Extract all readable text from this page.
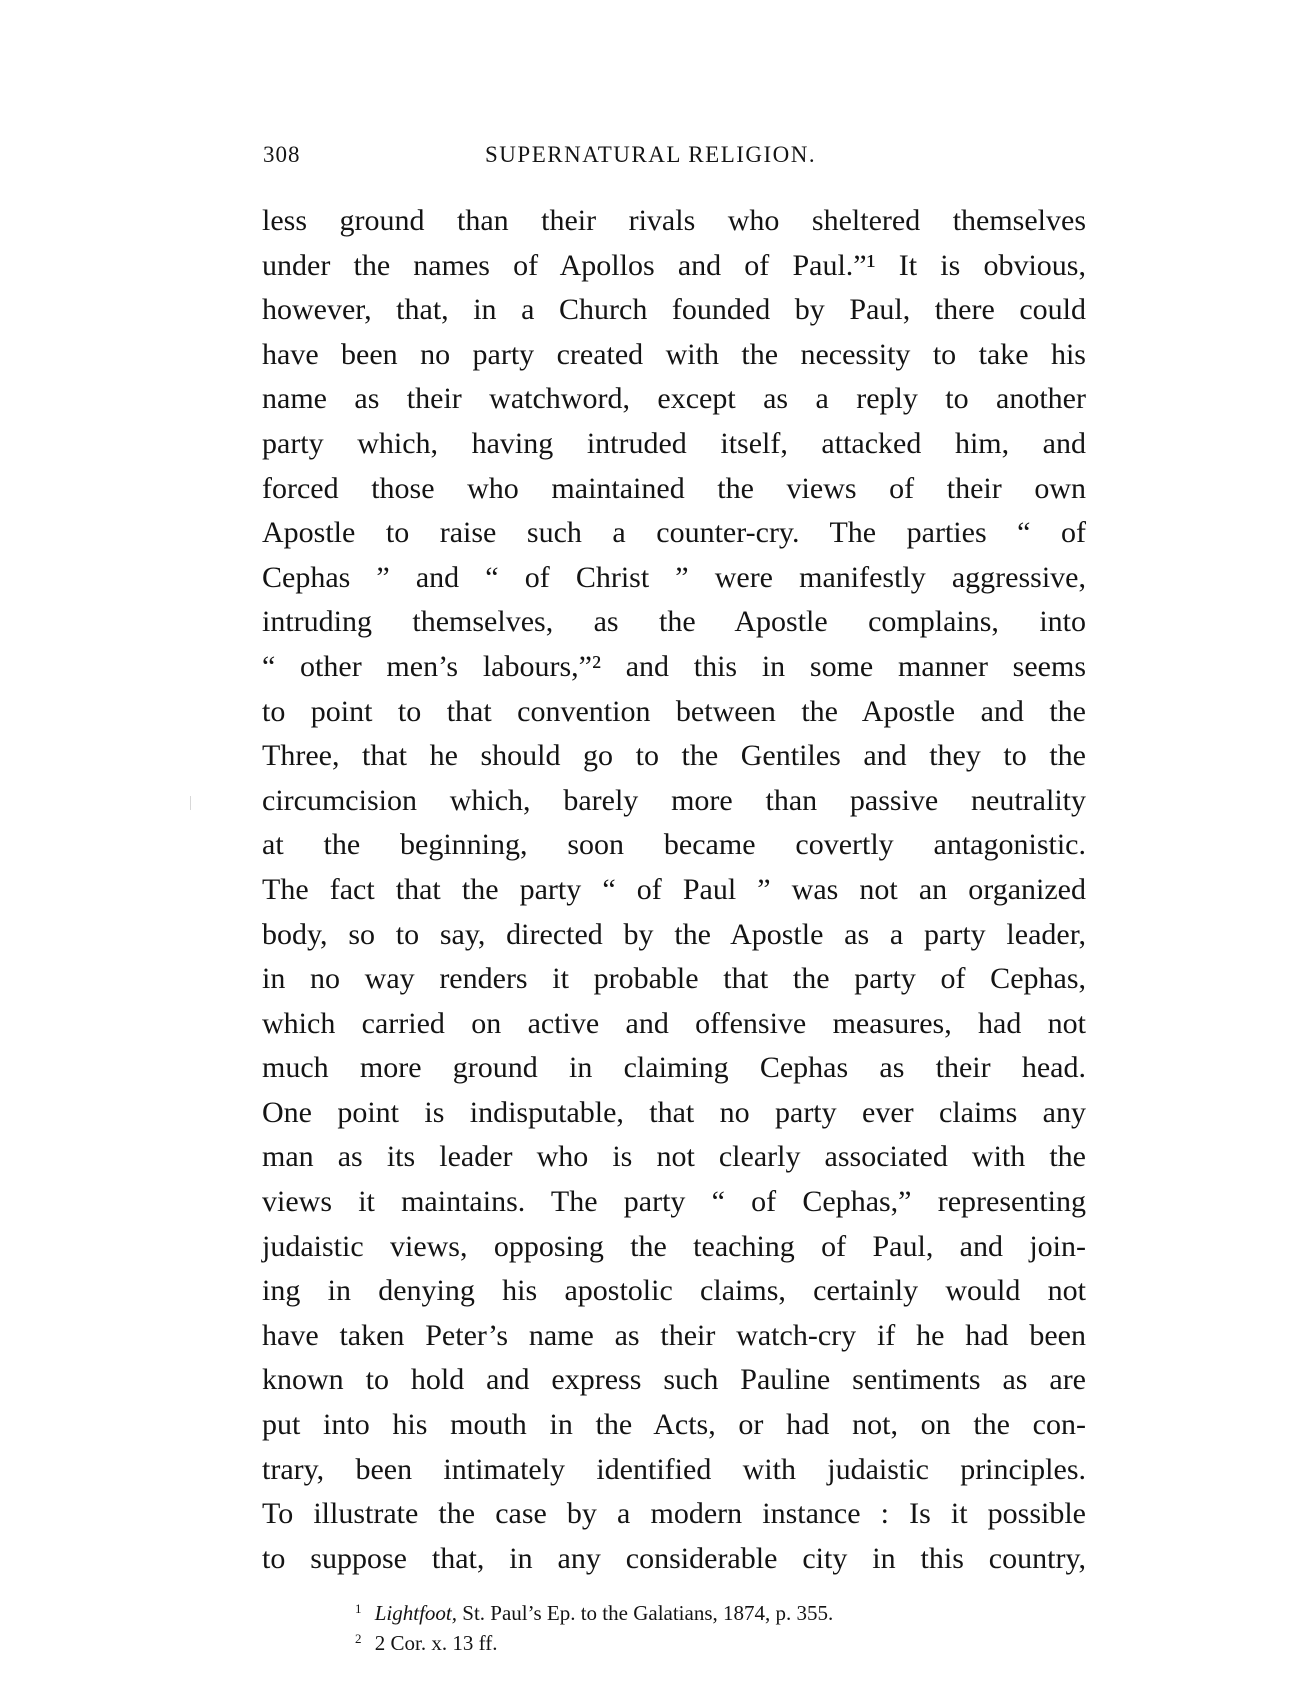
308	SUPERNATURAL RELIGION.
less ground than their rivals who sheltered themselves
under the names of Apollos and of Paul.”¹ It is obvious,
however, that, in a Church founded by Paul, there could
have been no party created with the necessity to take his
name as their watchword, except as a reply to another
party which, having intruded itself, attacked him, and
forced those who maintained the views of their own
Apostle to raise such a counter-cry. The parties “ of
Cephas ” and “ of Christ ” were manifestly aggressive,
intruding themselves, as the Apostle complains, into
“ other men’s labours,”² and this in some manner seems
to point to that convention between the Apostle and the
Three, that he should go to the Gentiles and they to the
circumcision which, barely more than passive neutrality
at the beginning, soon became covertly antagonistic.
The fact that the party “ of Paul ” was not an organized
body, so to say, directed by the Apostle as a party leader,
in no way renders it probable that the party of Cephas,
which carried on active and offensive measures, had not
much more ground in claiming Cephas as their head.
One point is indisputable, that no party ever claims any
man as its leader who is not clearly associated with the
views it maintains. The party “ of Cephas,” representing
judaistic views, opposing the teaching of Paul, and join-
ing in denying his apostolic claims, certainly would not
have taken Peter’s name as their watch-cry if he had been
known to hold and express such Pauline sentiments as are
put into his mouth in the Acts, or had not, on the con-
trary, been intimately identified with judaistic principles.
To illustrate the case by a modern instance : Is it possible
to suppose that, in any considerable city in this country,
$^1$ Lightfoot, St. Paul’s Ep. to the Galatians, 1874, p. 355.
$^2$ 2 Cor. x. 13 ff.
